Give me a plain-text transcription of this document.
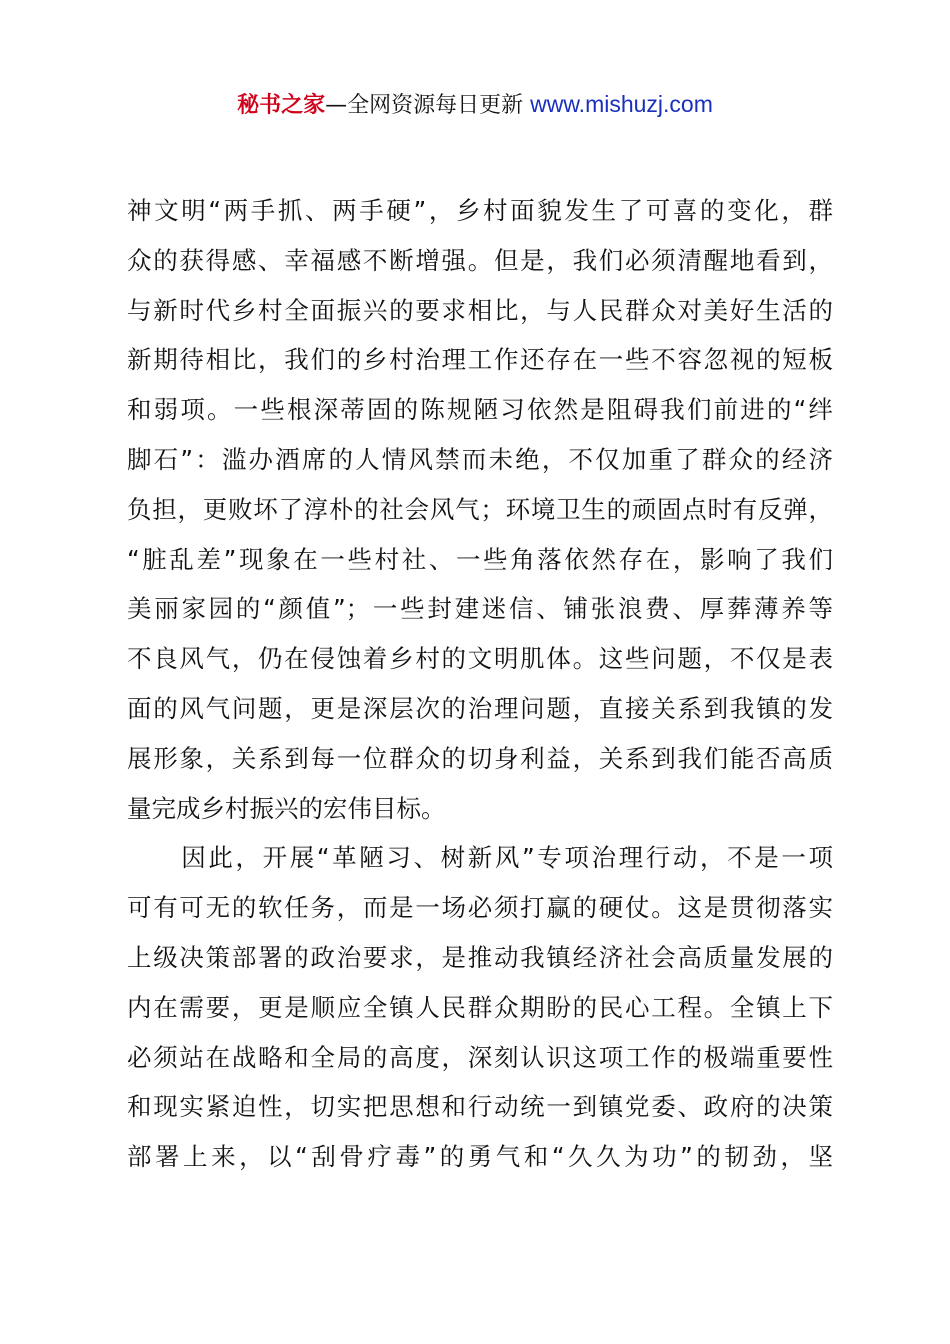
秘书之家—全网资源每日更新 www.mishuzj.com
神文明“两手抓、两手硬”，乡村面貌发生了可喜的变化，群
众的获得感、幸福感不断增强。但是，我们必须清醒地看到，
与新时代乡村全面振兴的要求相比，与人民群众对美好生活的
新期待相比，我们的乡村治理工作还存在一些不容忽视的短板
和弱项。一些根深蒂固的陈规陋习依然是阻碍我们前进的“绊
脚石”：滥办酒席的人情风禁而未绝，不仅加重了群众的经济
负担，更败坏了淳朴的社会风气；环境卫生的顽固点时有反弹，
“脏乱差”现象在一些村社、一些角落依然存在，影响了我们
美丽家园的“颜值”；一些封建迷信、铺张浪费、厚葬薄养等
不良风气，仍在侵蚀着乡村的文明肌体。这些问题，不仅是表
面的风气问题，更是深层次的治理问题，直接关系到我镇的发
展形象，关系到每一位群众的切身利益，关系到我们能否高质
量完成乡村振兴的宏伟目标。
　　因此，开展“革陋习、树新风”专项治理行动，不是一项
可有可无的软任务，而是一场必须打赢的硬仗。这是贯彻落实
上级决策部署的政治要求，是推动我镇经济社会高质量发展的
内在需要，更是顺应全镇人民群众期盼的民心工程。全镇上下
必须站在战略和全局的高度，深刻认识这项工作的极端重要性
和现实紧迫性，切实把思想和行动统一到镇党委、政府的决策
部署上来，以“刮骨疗毒”的勇气和“久久为功”的韧劲，坚
